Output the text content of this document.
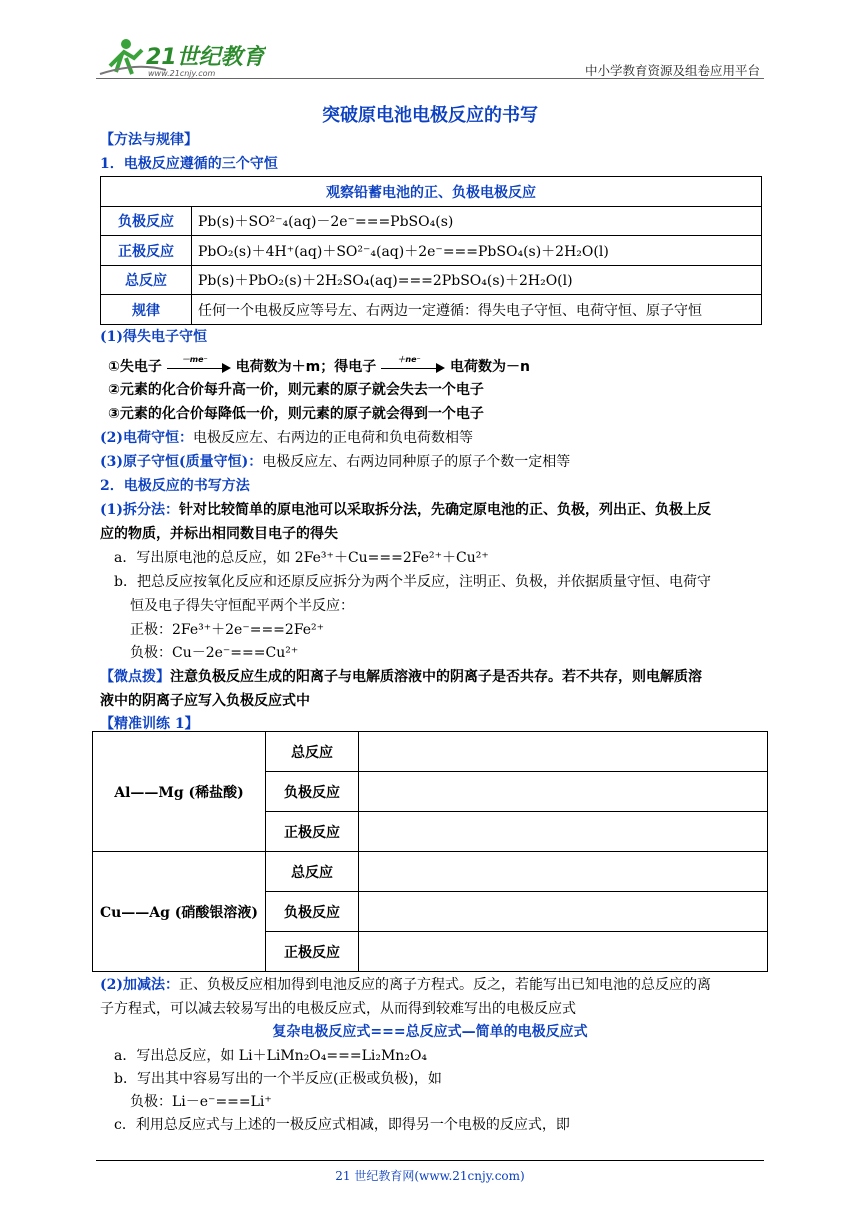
21世纪教育
www.21cnjy.com	中小学教育资源及组卷应用平台
突破原电池电极反应的书写
【方法与规律】
1．电极反应遵循的三个守恒
观察铅蓄电池的正、负极电极反应	
负极反应	Pb(s)＋SO²⁻₄(aq)－2e⁻===PbSO₄(s)
正极反应	PbO₂(s)＋4H⁺(aq)＋SO²⁻₄(aq)＋2e⁻===PbSO₄(s)＋2H₂O(l)
总反应	Pb(s)＋PbO₂(s)＋2H₂SO₄(aq)===2PbSO₄(s)＋2H₂O(l)
规律	任何一个电极反应等号左、右两边一定遵循：得失电子守恒、电荷守恒、原子守恒
(1)得失电子守恒
①失电子	－me⁻	电荷数为＋m；得电子	＋ne⁻	电荷数为－n
②元素的化合价每升高一价，则元素的原子就会失去一个电子
③元素的化合价每降低一价，则元素的原子就会得到一个电子
(2)电荷守恒：电极反应左、右两边的正电荷和负电荷数相等
(3)原子守恒(质量守恒)：电极反应左、右两边同种原子的原子个数一定相等
2．电极反应的书写方法
(1)拆分法：针对比较简单的原电池可以采取拆分法，先确定原电池的正、负极，列出正、负极上反
应的物质，并标出相同数目电子的得失
a．写出原电池的总反应，如 2Fe³⁺＋Cu===2Fe²⁺＋Cu²⁺
b．把总反应按氧化反应和还原反应拆分为两个半反应，注明正、负极，并依据质量守恒、电荷守
恒及电子得失守恒配平两个半反应：
正极：2Fe³⁺＋2e⁻===2Fe²⁺
负极：Cu－2e⁻===Cu²⁺
【微点拨】注意负极反应生成的阳离子与电解质溶液中的阴离子是否共存。若不共存，则电解质溶
液中的阴离子应写入负极反应式中
【精准训练 1】
Al——Mg (稀盐酸)	总反应	
	负极反应	
	正极反应	
Cu——Ag (硝酸银溶液)	总反应	
	负极反应	
	正极反应	
(2)加减法：正、负极反应相加得到电池反应的离子方程式。反之，若能写出已知电池的总反应的离
子方程式，可以减去较易写出的电极反应式，从而得到较难写出的电极反应式
复杂电极反应式===总反应式—简单的电极反应式
a．写出总反应，如 Li＋LiMn₂O₄===Li₂Mn₂O₄
b．写出其中容易写出的一个半反应(正极或负极)，如
负极：Li－e⁻===Li⁺
c．利用总反应式与上述的一极反应式相减，即得另一个电极的反应式，即
21 世纪教育网(www.21cnjy.com)
